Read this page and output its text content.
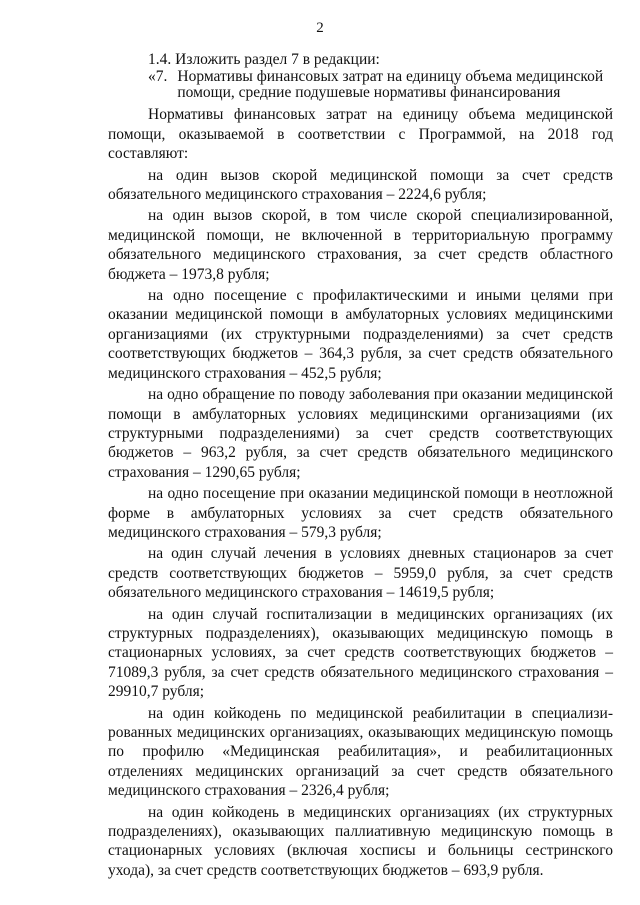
2

1.4. Изложить раздел 7 в редакции:

«7. Нормативы финансовых затрат на единицу объема медицинской помощи, средние подушевые нормативы финансирования

Нормативы финансовых затрат на единицу объема медицинской помощи, оказываемой в соответствии с Программой, на 2018 год составляют:

на один вызов скорой медицинской помощи за счет средств обязательного медицинского страхования – 2224,6 рубля;

на один вызов скорой, в том числе скорой специализированной, медицинской помощи, не включенной в территориальную программу обязательного медицинского страхования, за счет средств областного бюджета – 1973,8 рубля;

на одно посещение с профилактическими и иными целями при оказании медицинской помощи в амбулаторных условиях медицинскими организациями (их структурными подразделениями) за счет средств соответствующих бюджетов – 364,3 рубля, за счет средств обязательного медицинского страхования – 452,5 рубля;

на одно обращение по поводу заболевания при оказании медицинской помощи в амбулаторных условиях медицинскими организациями (их структурными подразделениями) за счет средств соответствующих бюджетов – 963,2 рубля, за счет средств обязательного медицинского страхования – 1290,65 рубля;

на одно посещение при оказании медицинской помощи в неотложной форме в амбулаторных условиях за счет средств обязательного медицинского страхования – 579,3 рубля;

на один случай лечения в условиях дневных стационаров за счет средств соответствующих бюджетов – 5959,0 рубля, за счет средств обязательного медицинского страхования – 14619,5 рубля;

на один случай госпитализации в медицинских организациях (их структурных подразделениях), оказывающих медицинскую помощь в стационарных условиях, за счет средств соответствующих бюджетов – 71089,3 рубля, за счет средств обязательного медицинского страхования – 29910,7 рубля;

на один койкодень по медицинской реабилитации в специализированных медицинских организациях, оказывающих медицинскую помощь по профилю «Медицинская реабилитация», и реабилитационных отделениях медицинских организаций за счет средств обязательного медицинского страхования – 2326,4 рубля;

на один койкодень в медицинских организациях (их структурных подразделениях), оказывающих паллиативную медицинскую помощь в стационарных условиях (включая хосписы и больницы сестринского ухода), за счет средств соответствующих бюджетов – 693,9 рубля.
